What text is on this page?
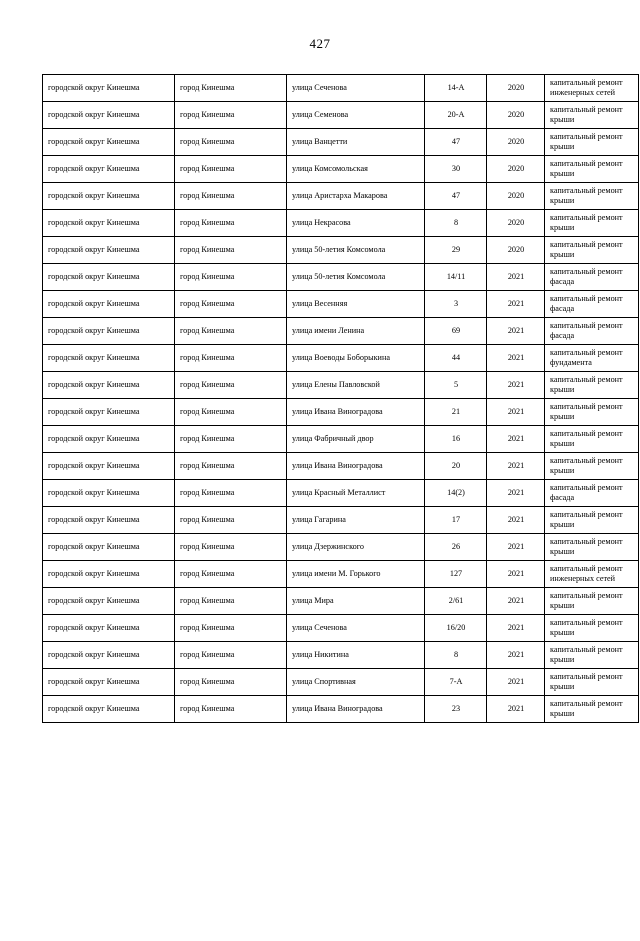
427
городской округ Кинешма	город Кинешма	улица Сеченова	14-А	2020	капитальный ремонт инженерных сетей
городской округ Кинешма	город Кинешма	улица Семенова	20-А	2020	капитальный ремонт крыши
городской округ Кинешма	город Кинешма	улица Ванцетти	47	2020	капитальный ремонт крыши
городской округ Кинешма	город Кинешма	улица Комсомольская	30	2020	капитальный ремонт крыши
городской округ Кинешма	город Кинешма	улица Аристарха Макарова	47	2020	капитальный ремонт крыши
городской округ Кинешма	город Кинешма	улица Некрасова	8	2020	капитальный ремонт крыши
городской округ Кинешма	город Кинешма	улица 50-летия Комсомола	29	2020	капитальный ремонт крыши
городской округ Кинешма	город Кинешма	улица 50-летия Комсомола	14/11	2021	капитальный ремонт фасада
городской округ Кинешма	город Кинешма	улица Весенняя	3	2021	капитальный ремонт фасада
городской округ Кинешма	город Кинешма	улица имени Ленина	69	2021	капитальный ремонт фасада
городской округ Кинешма	город Кинешма	улица Воеводы Боборыкина	44	2021	капитальный ремонт фундамента
городской округ Кинешма	город Кинешма	улица Елены Павловской	5	2021	капитальный ремонт крыши
городской округ Кинешма	город Кинешма	улица Ивана Виноградова	21	2021	капитальный ремонт крыши
городской округ Кинешма	город Кинешма	улица Фабричный двор	16	2021	капитальный ремонт крыши
городской округ Кинешма	город Кинешма	улица Ивана Виноградова	20	2021	капитальный ремонт крыши
городской округ Кинешма	город Кинешма	улица Красный Металлист	14(2)	2021	капитальный ремонт фасада
городской округ Кинешма	город Кинешма	улица Гагарина	17	2021	капитальный ремонт крыши
городской округ Кинешма	город Кинешма	улица Дзержинского	26	2021	капитальный ремонт крыши
городской округ Кинешма	город Кинешма	улица имени М. Горького	127	2021	капитальный ремонт инженерных сетей
городской округ Кинешма	город Кинешма	улица Мира	2/61	2021	капитальный ремонт крыши
городской округ Кинешма	город Кинешма	улица Сеченова	16/20	2021	капитальный ремонт крыши
городской округ Кинешма	город Кинешма	улица Никитина	8	2021	капитальный ремонт крыши
городской округ Кинешма	город Кинешма	улица Спортивная	7-А	2021	капитальный ремонт крыши
городской округ Кинешма	город Кинешма	улица Ивана Виноградова	23	2021	капитальный ремонт крыши
